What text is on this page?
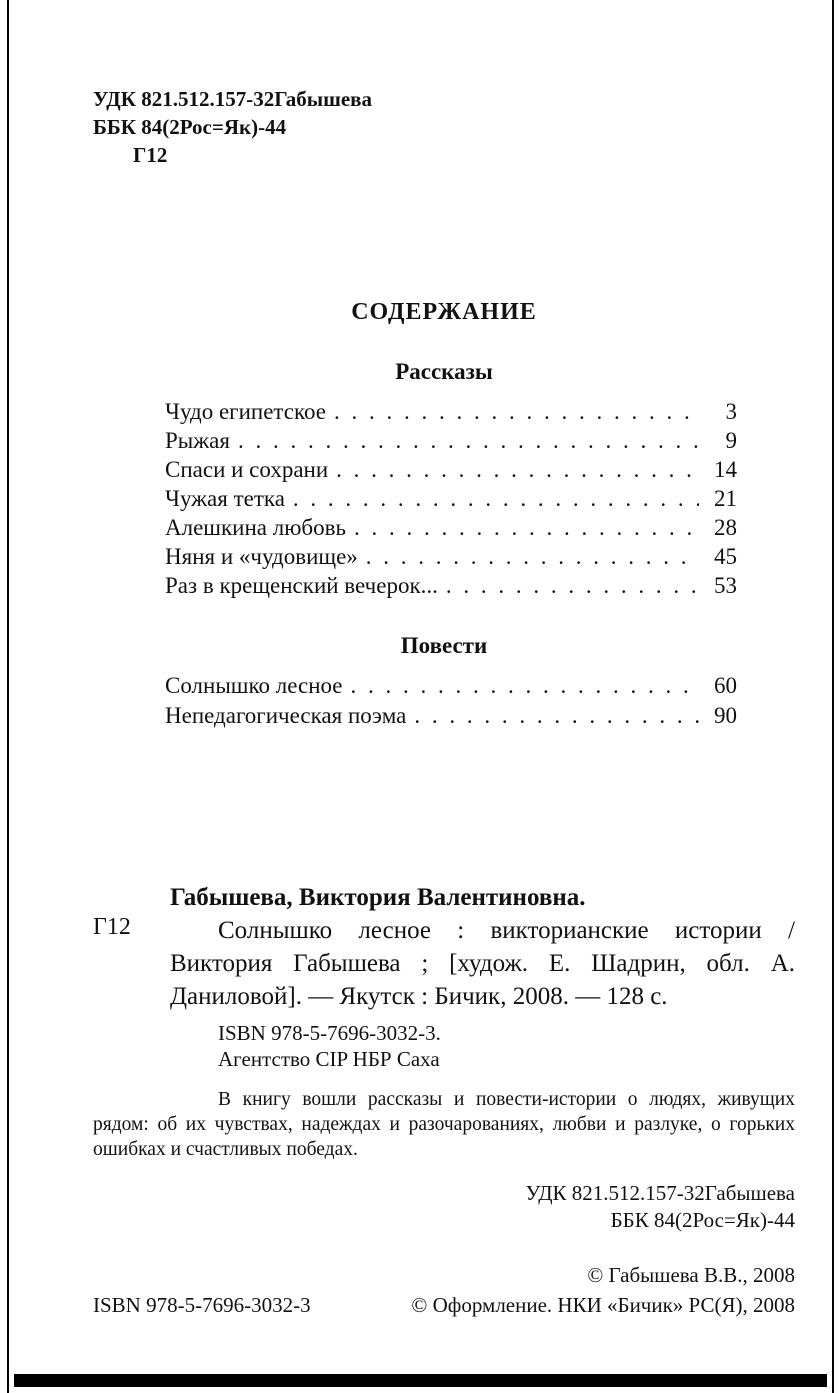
УДК 821.512.157-32Габышева
ББК 84(2Рос=Як)-44
Г12
СОДЕРЖАНИЕ
Рассказы
Чудо египетское . . .	3
Рыжая . . .	9
Спаси и сохрани . . .	14
Чужая тетка . . .	21
Алешкина любовь . . .	28
Няня и «чудовище» . . .	45
Раз в крещенский вечерок... . . .	53
Повести
Солнышко лесное . . .	60
Непедагогическая поэма . . .	90
Габышева, Виктория Валентиновна.
Г12	Солнышко лесное : викторианские истории / Виктория Габышева ; [худож. Е. Шадрин, обл. А. Даниловой]. — Якутск : Бичик, 2008. — 128 с.

ISBN 978-5-7696-3032-3.
Агентство CIP НБР Саха

В книгу вошли рассказы и повести-истории о людях, живущих рядом: об их чувствах, надеждах и разочарованиях, любви и разлуке, о горьких ошибках и счастливых победах.

УДК 821.512.157-32Габышева
ББК 84(2Рос=Як)-44
© Габышева В.В., 2008
ISBN 978-5-7696-3032-3	© Оформление. НКИ «Бичик» РС(Я), 2008
